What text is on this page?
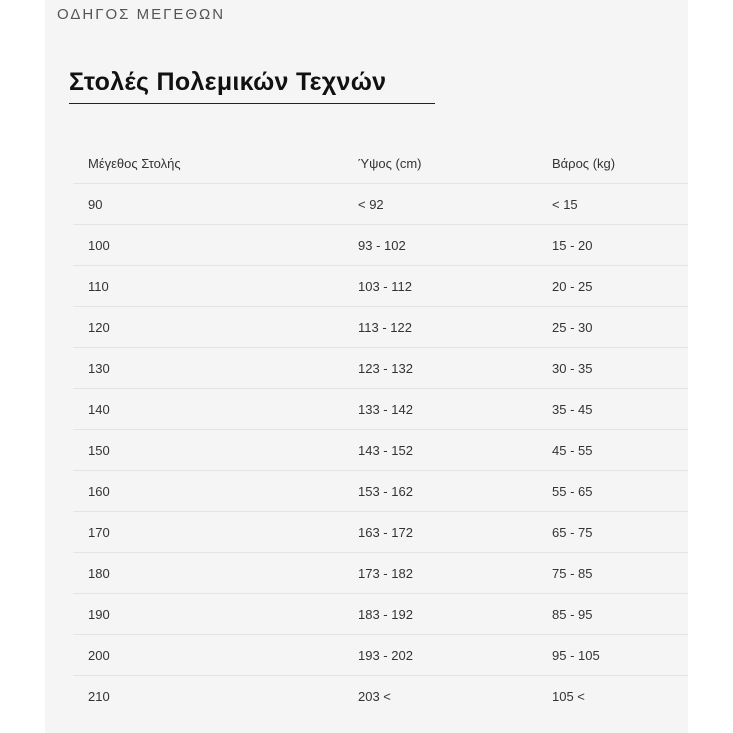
ΟΔΗΓΟΣ ΜΕΓΕΘΩΝ
Στολές Πολεμικών Τεχνών
Μέγεθος Στολής	Ύψος (cm)	Βάρος (kg)
90	< 92	< 15
100	93 - 102	15 - 20
110	103 - 112	20 - 25
120	113 - 122	25 - 30
130	123 - 132	30 - 35
140	133 - 142	35 - 45
150	143 - 152	45 - 55
160	153 - 162	55 - 65
170	163 - 172	65 - 75
180	173 - 182	75 - 85
190	183 - 192	85 - 95
200	193 - 202	95 - 105
210	203 <	105 <
